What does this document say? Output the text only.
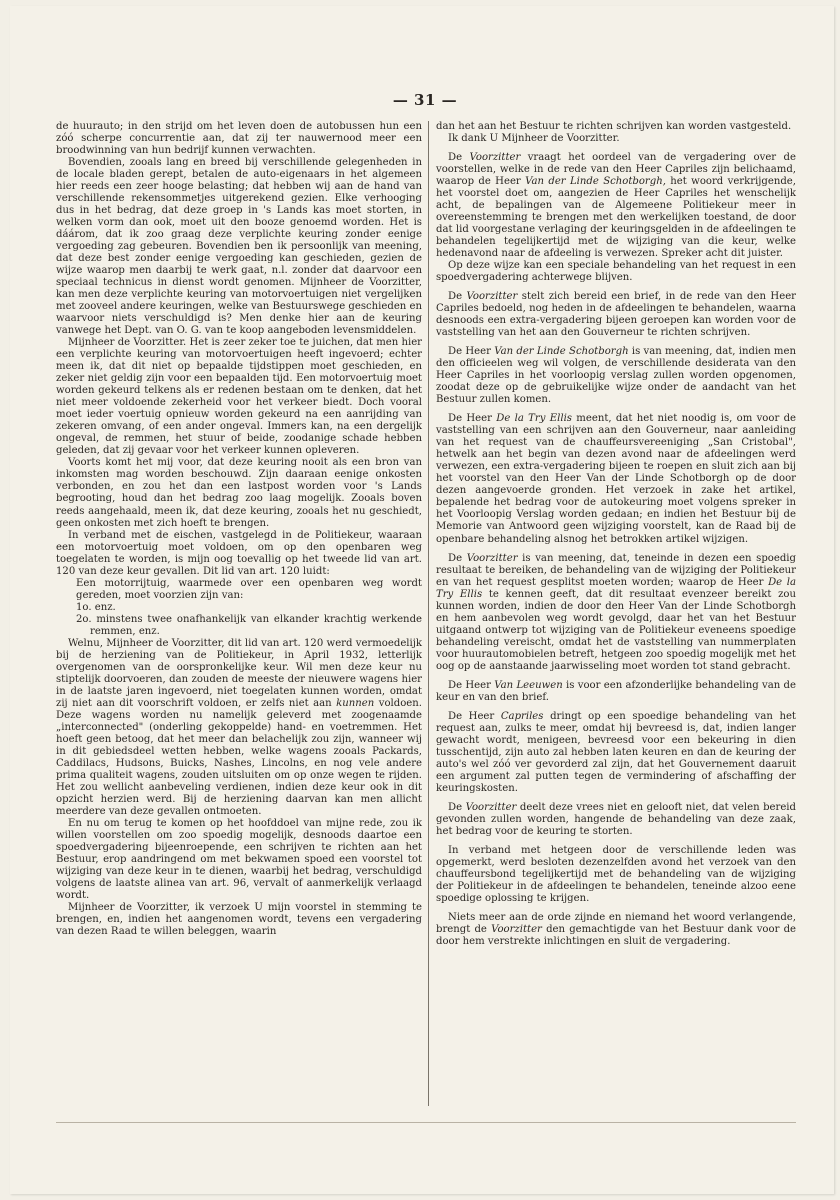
— 31 —

de huurauto; in den strijd om het leven doen de autobussen hun een zóó scherpe concurrentie aan, dat zij ter nauwernood meer een broodwinning van hun bedrijf kunnen verwachten.

Bovendien, zooals lang en breed bij verschillende gelegenheden in de locale bladen gerept, betalen de auto-eigenaars in het algemeen hier reeds een zeer hooge belasting; dat hebben wij aan de hand van verschillende rekensommetjes uitgerekend gezien. Elke verhooging dus in het bedrag, dat deze groep in 's Lands kas moet storten, in welken vorm dan ook, moet uit den booze genoemd worden. Het is dáárom, dat ik zoo graag deze verplichte keuring zonder eenige vergoeding zag gebeuren. Bovendien ben ik persoonlijk van meening, dat deze best zonder eenige vergoeding kan geschieden, gezien de wijze waarop men daarbij te werk gaat, n.l. zonder dat daarvoor een speciaal technicus in dienst wordt genomen. Mijnheer de Voorzitter, kan men deze verplichte keuring van motorvoertuigen niet vergelijken met zooveel andere keuringen, welke van Bestuurswege geschieden en waarvoor niets verschuldigd is? Men denke hier aan de keuring vanwege het Dept. van O. G. van te koop aangeboden levensmiddelen.

Mijnheer de Voorzitter. Het is zeer zeker toe te juichen, dat men hier een verplichte keuring van motorvoertuigen heeft ingevoerd; echter meen ik, dat dit niet op bepaalde tijdstippen moet geschieden, en zeker niet geldig zijn voor een bepaalden tijd. Een motorvoertuig moet worden gekeurd telkens als er redenen bestaan om te denken, dat het niet meer voldoende zekerheid voor het verkeer biedt. Doch vooral moet ieder voertuig opnieuw worden gekeurd na een aanrijding van zekeren omvang, of een ander ongeval. Immers kan, na een dergelijk ongeval, de remmen, het stuur of beide, zoodanige schade hebben geleden, dat zij gevaar voor het verkeer kunnen opleveren.

Voorts komt het mij voor, dat deze keuring nooit als een bron van inkomsten mag worden beschouwd. Zijn daaraan eenige onkosten verbonden, en zou het dan een lastpost worden voor 's Lands begrooting, houd dan het bedrag zoo laag mogelijk. Zooals boven reeds aangehaald, meen ik, dat deze keuring, zooals het nu geschiedt, geen onkosten met zich hoeft te brengen.

In verband met de eischen, vastgelegd in de Politiekeur, waaraan een motorvoertuig moet voldoen, om op den openbaren weg toegelaten te worden, is mijn oog toevallig op het tweede lid van art. 120 van deze keur gevallen. Dit lid van art. 120 luidt:

Een motorrijtuig, waarmede over een openbaren weg wordt gereden, moet voorzien zijn van:

1o. enz.

2o. minstens twee onafhankelijk van elkander krachtig werkende remmen, enz.

Welnu, Mijnheer de Voorzitter, dit lid van art. 120 werd vermoedelijk bij de herziening van de Politiekeur, in April 1932, letterlijk overgenomen van de oorspronkelijke keur. Wil men deze keur nu stiptelijk doorvoeren, dan zouden de meeste der nieuwere wagens hier in de laatste jaren ingevoerd, niet toegelaten kunnen worden, omdat zij niet aan dit voorschrift voldoen, er zelfs niet aan kunnen voldoen. Deze wagens worden nu namelijk geleverd met zoogenaamde „interconnected" (onderling gekoppelde) hand- en voetremmen. Het hoeft geen betoog, dat het meer dan belachelijk zou zijn, wanneer wij in dit gebiedsdeel wetten hebben, welke wagens zooals Packards, Caddilacs, Hudsons, Buicks, Nashes, Lincolns, en nog vele andere prima qualiteit wagens, zouden uitsluiten om op onze wegen te rijden. Het zou wellicht aanbeveling verdienen, indien deze keur ook in dit opzicht herzien werd. Bij de herziening daarvan kan men allicht meerdere van deze gevallen ontmoeten.

En nu om terug te komen op het hoofddoel van mijne rede, zou ik willen voorstellen om zoo spoedig mogelijk, desnoods daartoe een spoedvergadering bijeenroepende, een schrijven te richten aan het Bestuur, erop aandringend om met bekwamen spoed een voorstel tot wijziging van deze keur in te dienen, waarbij het bedrag, verschuldigd volgens de laatste alinea van art. 96, vervalt of aanmerkelijk verlaagd wordt.

Mijnheer de Voorzitter, ik verzoek U mijn voorstel in stemming te brengen, en, indien het aangenomen wordt, tevens een vergadering van dezen Raad te willen beleggen, waarin

dan het aan het Bestuur te richten schrijven kan worden vastgesteld.

Ik dank U Mijnheer de Voorzitter.

De Voorzitter vraagt het oordeel van de vergadering over de voorstellen, welke in de rede van den Heer Capriles zijn belichaamd, waarop de Heer Van der Linde Schotborgh, het woord verkrijgende, het voorstel doet om, aangezien de Heer Capriles het wenschelijk acht, de bepalingen van de Algemeene Politiekeur meer in overeenstemming te brengen met den werkelijken toestand, de door dat lid voorgestane verlaging der keuringsgelden in de afdeelingen te behandelen tegelijkertijd met de wijziging van die keur, welke hedenavond naar de afdeeling is verwezen. Spreker acht dit juister.

Op deze wijze kan een speciale behandeling van het request in een spoedvergadering achterwege blijven.

De Voorzitter stelt zich bereid een brief, in de rede van den Heer Capriles bedoeld, nog heden in de afdeelingen te behandelen, waarna desnoods een extra-vergadering bijeen geroepen kan worden voor de vaststelling van het aan den Gouverneur te richten schrijven.

De Heer Van der Linde Schotborgh is van meening, dat, indien men den officieelen weg wil volgen, de verschillende desiderata van den Heer Capriles in het voorloopig verslag zullen worden opgenomen, zoodat deze op de gebruikelijke wijze onder de aandacht van het Bestuur zullen komen.

De Heer De la Try Ellis meent, dat het niet noodig is, om voor de vaststelling van een schrijven aan den Gouverneur, naar aanleiding van het request van de chauffeursvereeniging „San Cristobal", hetwelk aan het begin van dezen avond naar de afdeelingen werd verwezen, een extra-vergadering bijeen te roepen en sluit zich aan bij het voorstel van den Heer Van der Linde Schotborgh op de door dezen aangevoerde gronden. Het verzoek in zake het artikel, bepalende het bedrag voor de autokeuring moet volgens spreker in het Voorloopig Verslag worden gedaan; en indien het Bestuur bij de Memorie van Antwoord geen wijziging voorstelt, kan de Raad bij de openbare behandeling alsnog het betrokken artikel wijzigen.

De Voorzitter is van meening, dat, teneinde in dezen een spoedig resultaat te bereiken, de behandeling van de wijziging der Politiekeur en van het request gesplitst moeten worden; waarop de Heer De la Try Ellis te kennen geeft, dat dit resultaat evenzeer bereikt zou kunnen worden, indien de door den Heer Van der Linde Schotborgh en hem aanbevolen weg wordt gevolgd, daar het van het Bestuur uitgaand ontwerp tot wijziging van de Politiekeur eveneens spoedige behandeling vereischt, omdat het de vaststelling van nummerplaten voor huurautomobielen betreft, hetgeen zoo spoedig mogelijk met het oog op de aanstaande jaarwisseling moet worden tot stand gebracht.

De Heer Van Leeuwen is voor een afzonderlijke behandeling van de keur en van den brief.

De Heer Capriles dringt op een spoedige behandeling van het request aan, zulks te meer, omdat hij bevreesd is, dat, indien langer gewacht wordt, menigeen, bevreesd voor een bekeuring in dien tusschentijd, zijn auto zal hebben laten keuren en dan de keuring der auto's wel zóó ver gevorderd zal zijn, dat het Gouvernement daaruit een argument zal putten tegen de vermindering of afschaffing der keuringskosten.

De Voorzitter deelt deze vrees niet en gelooft niet, dat velen bereid gevonden zullen worden, hangende de behandeling van deze zaak, het bedrag voor de keuring te storten.

In verband met hetgeen door de verschillende leden was opgemerkt, werd besloten dezenzelfden avond het verzoek van den chauffeursbond tegelijkertijd met de behandeling van de wijziging der Politiekeur in de afdeelingen te behandelen, teneinde alzoo eene spoedige oplossing te krijgen.

Niets meer aan de orde zijnde en niemand het woord verlangende, brengt de Voorzitter den gemachtigde van het Bestuur dank voor de door hem verstrekte inlichtingen en sluit de vergadering.
